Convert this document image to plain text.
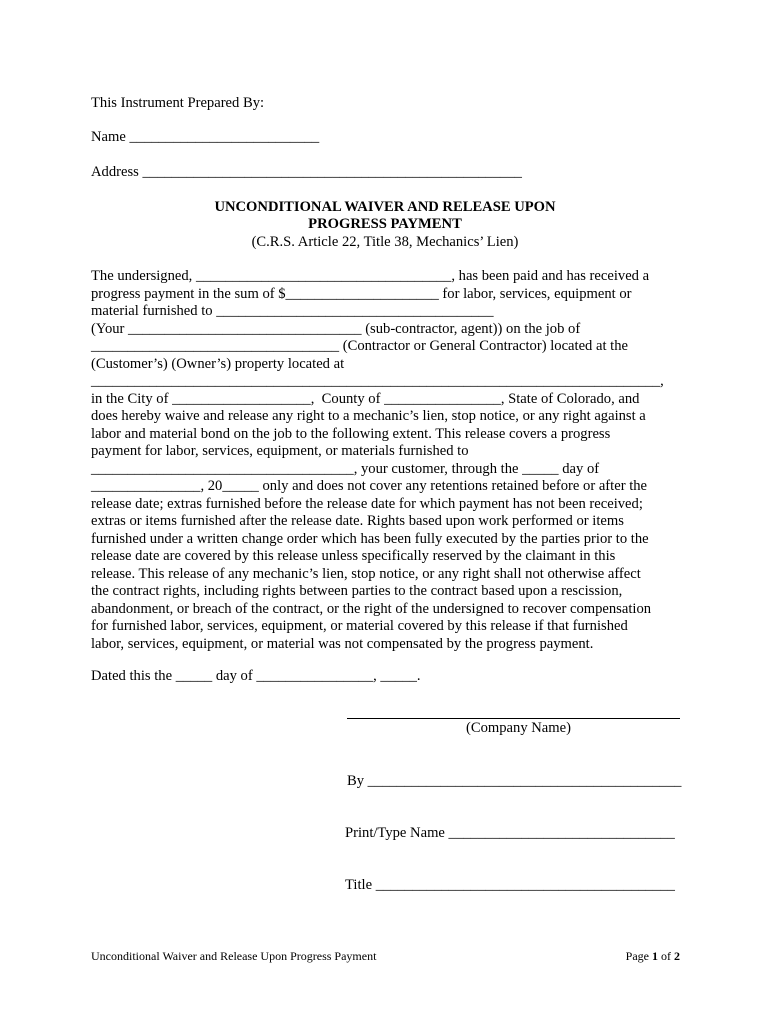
This Instrument Prepared By:
Name __________________________
Address ____________________________________________________
UNCONDITIONAL WAIVER AND RELEASE UPON
PROGRESS PAYMENT
(C.R.S. Article 22, Title 38, Mechanics’ Lien)
The undersigned, ___________________________________, has been paid and has received a
progress payment in the sum of $_____________________ for labor, services, equipment or
material furnished to ______________________________________
(Your ________________________________ (sub-contractor, agent)) on the job of
__________________________________ (Contractor or General Contractor) located at the
(Customer’s) (Owner’s) property located at
______________________________________________________________________________,
in the City of ___________________,  County of ________________, State of Colorado, and
does hereby waive and release any right to a mechanic’s lien, stop notice, or any right against a
labor and material bond on the job to the following extent. This release covers a progress
payment for labor, services, equipment, or materials furnished to
____________________________________, your customer, through the _____ day of
_______________, 20_____ only and does not cover any retentions retained before or after the
release date; extras furnished before the release date for which payment has not been received;
extras or items furnished after the release date. Rights based upon work performed or items
furnished under a written change order which has been fully executed by the parties prior to the
release date are covered by this release unless specifically reserved by the claimant in this
release. This release of any mechanic’s lien, stop notice, or any right shall not otherwise affect
the contract rights, including rights between parties to the contract based upon a rescission,
abandonment, or breach of the contract, or the right of the undersigned to recover compensation
for furnished labor, services, equipment, or material covered by this release if that furnished
labor, services, equipment, or material was not compensated by the progress payment.
Dated this the _____ day of ________________, _____.
(Company Name)
By ___________________________________________
Print/Type Name _______________________________
Title _________________________________________
Unconditional Waiver and Release Upon Progress Payment	Page 1 of 2
